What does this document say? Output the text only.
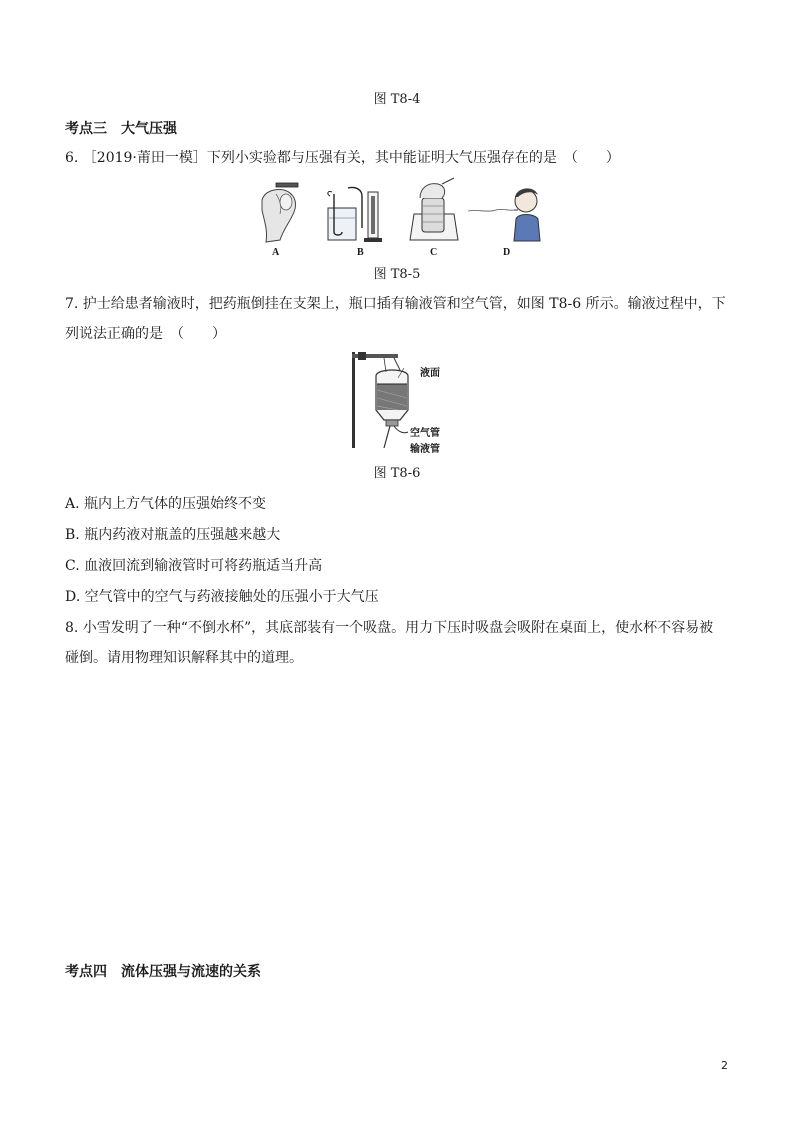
图 T8-4
考点三　大气压强
6. ［2019·莆田一模］下列小实验都与压强有关，其中能证明大气压强存在的是　（　　）
A	B	C	D
图 T8-5
7. 护士给患者输液时，把药瓶倒挂在支架上，瓶口插有输液管和空气管，如图 T8-6 所示。输液过程中，下
列说法正确的是　（　　）
液面
空气管
输液管
图 T8-6
A. 瓶内上方气体的压强始终不变
B. 瓶内药液对瓶盖的压强越来越大
C. 血液回流到输液管时可将药瓶适当升高
D. 空气管中的空气与药液接触处的压强小于大气压
8. 小雪发明了一种“不倒水杯”，其底部装有一个吸盘。用力下压时吸盘会吸附在桌面上，使水杯不容易被
碰倒。请用物理知识解释其中的道理。
考点四　流体压强与流速的关系
2
